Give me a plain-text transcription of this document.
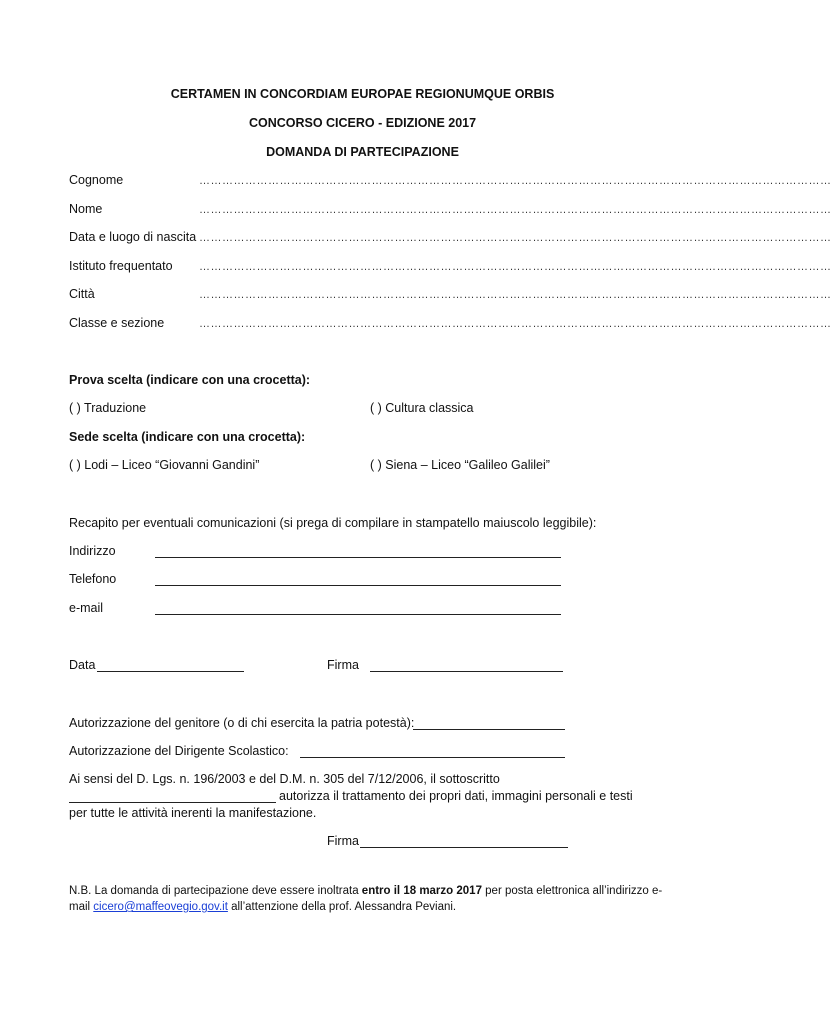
CERTAMEN IN CONCORDIAM EUROPAE REGIONUMQUE ORBIS
CONCORSO CICERO - EDIZIONE 2017
DOMANDA DI PARTECIPAZIONE
Cognome	…………………………………………………………………………………………………………………………………………………
Nome	…………………………………………………………………………………………………………………………………………………
Data e luogo di nascita …………………………………………………………………………………………………………………………………………………
Istituto frequentato …………………………………………………………………………………………………………………………………………………
Città	…………………………………………………………………………………………………………………………………………………
Classe e sezione	…………………………………………………………………………………………………………………………………………………
Prova scelta (indicare con una crocetta):
( ) Traduzione	( ) Cultura classica
Sede scelta (indicare con una crocetta):
( ) Lodi – Liceo “Giovanni Gandini”	( ) Siena – Liceo “Galileo Galilei”
Recapito per eventuali comunicazioni (si prega di compilare in stampatello maiuscolo leggibile):
Indirizzo
Telefono
e-mail
Data	Firma
Autorizzazione del genitore (o di chi esercita la patria potestà):
Autorizzazione del Dirigente Scolastico:
Ai sensi del D. Lgs. n. 196/2003 e del D.M. n. 305 del 7/12/2006, il sottoscritto
autorizza il trattamento dei propri dati, immagini personali e testi
per tutte le attività inerenti la manifestazione.
Firma
N.B. La domanda di partecipazione deve essere inoltrata entro il 18 marzo 2017 per posta elettronica all’indirizzo e-
mail cicero@maffeovegio.gov.it all’attenzione della prof. Alessandra Peviani.
